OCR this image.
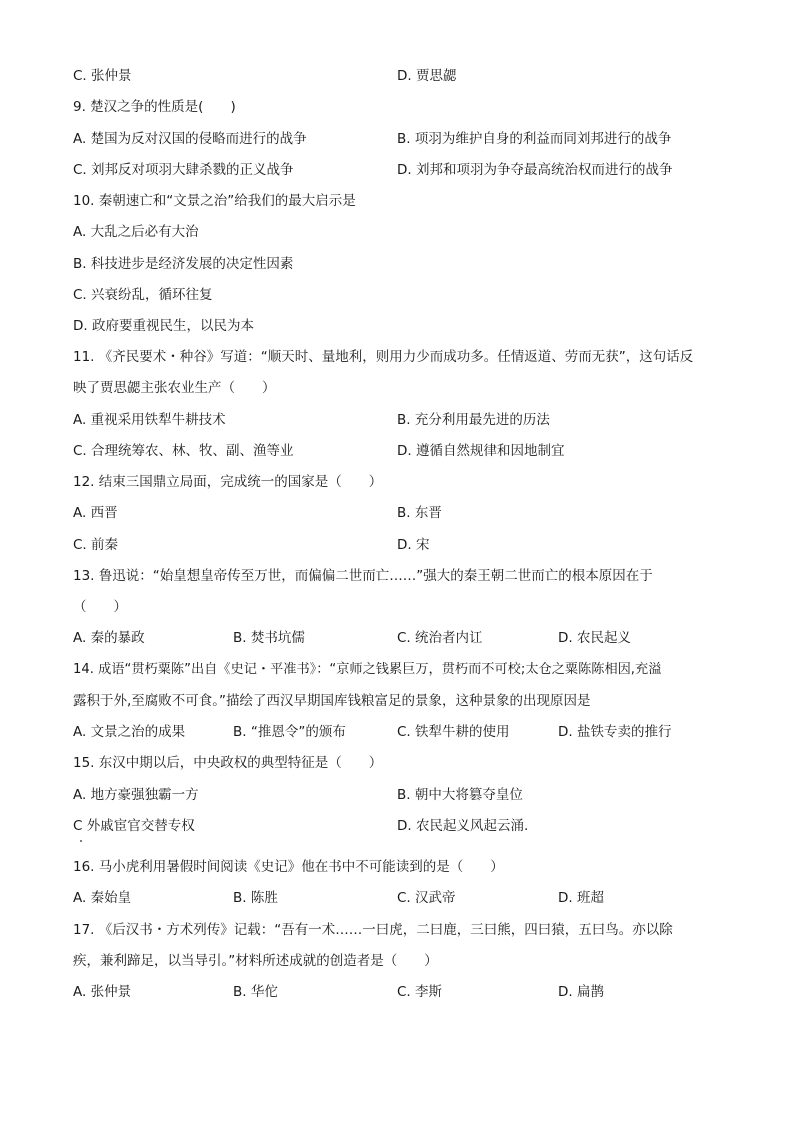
C. 张仲景	D. 贾思勰
9. 楚汉之争的性质是(　　)
A. 楚国为反对汉国的侵略而进行的战争	B. 项羽为维护自身的利益而同刘邦进行的战争
C. 刘邦反对项羽大肆杀戮的正义战争	D. 刘邦和项羽为争夺最高统治权而进行的战争
10. 秦朝速亡和“文景之治”给我们的最大启示是
A. 大乱之后必有大治
B. 科技进步是经济发展的决定性因素
C. 兴衰纷乱，循环往复
D. 政府要重视民生，以民为本
11. 《齐民要术・种谷》写道：“顺天时、量地利，则用力少而成功多。任情返道、劳而无获”，这句话反
映了贾思勰主张农业生产（　　）
A. 重视采用铁犁牛耕技术	B. 充分利用最先进的历法
C. 合理统筹农、林、牧、副、渔等业	D. 遵循自然规律和因地制宜
12. 结束三国鼎立局面，完成统一的国家是（　　）
A. 西晋	B. 东晋
C. 前秦	D. 宋
13. 鲁迅说：“始皇想皇帝传至万世，而偏偏二世而亡……”强大的秦王朝二世而亡的根本原因在于
（　　）
A. 秦的暴政	B. 焚书坑儒	C. 统治者内讧	D. 农民起义
14. 成语“贯朽粟陈”出自《史记・平准书》：“京师之钱累巨万，贯朽而不可校;太仓之粟陈陈相因,充溢
露积于外,至腐败不可食。”描绘了西汉早期国库钱粮富足的景象，这种景象的出现原因是
A. 文景之治的成果	B. “推恩令”的颁布	C. 铁犁牛耕的使用	D. 盐铁专卖的推行
15. 东汉中期以后，中央政权的典型特征是（　　）
A. 地方豪强独霸一方	B. 朝中大将篡夺皇位
C 外戚宦官交替专权	D. 农民起义风起云涌.
16. 马小虎利用暑假时间阅读《史记》他在书中不可能读到的是（　　）
A. 秦始皇	B. 陈胜	C. 汉武帝	D. 班超
17. 《后汉书・方术列传》记载：“吾有一术……一曰虎，二曰鹿，三曰熊，四曰猿，五曰鸟。亦以除
疾，兼利蹄足，以当导引。”材料所述成就的创造者是（　　）
A. 张仲景	B. 华佗	C. 李斯	D. 扁鹊
